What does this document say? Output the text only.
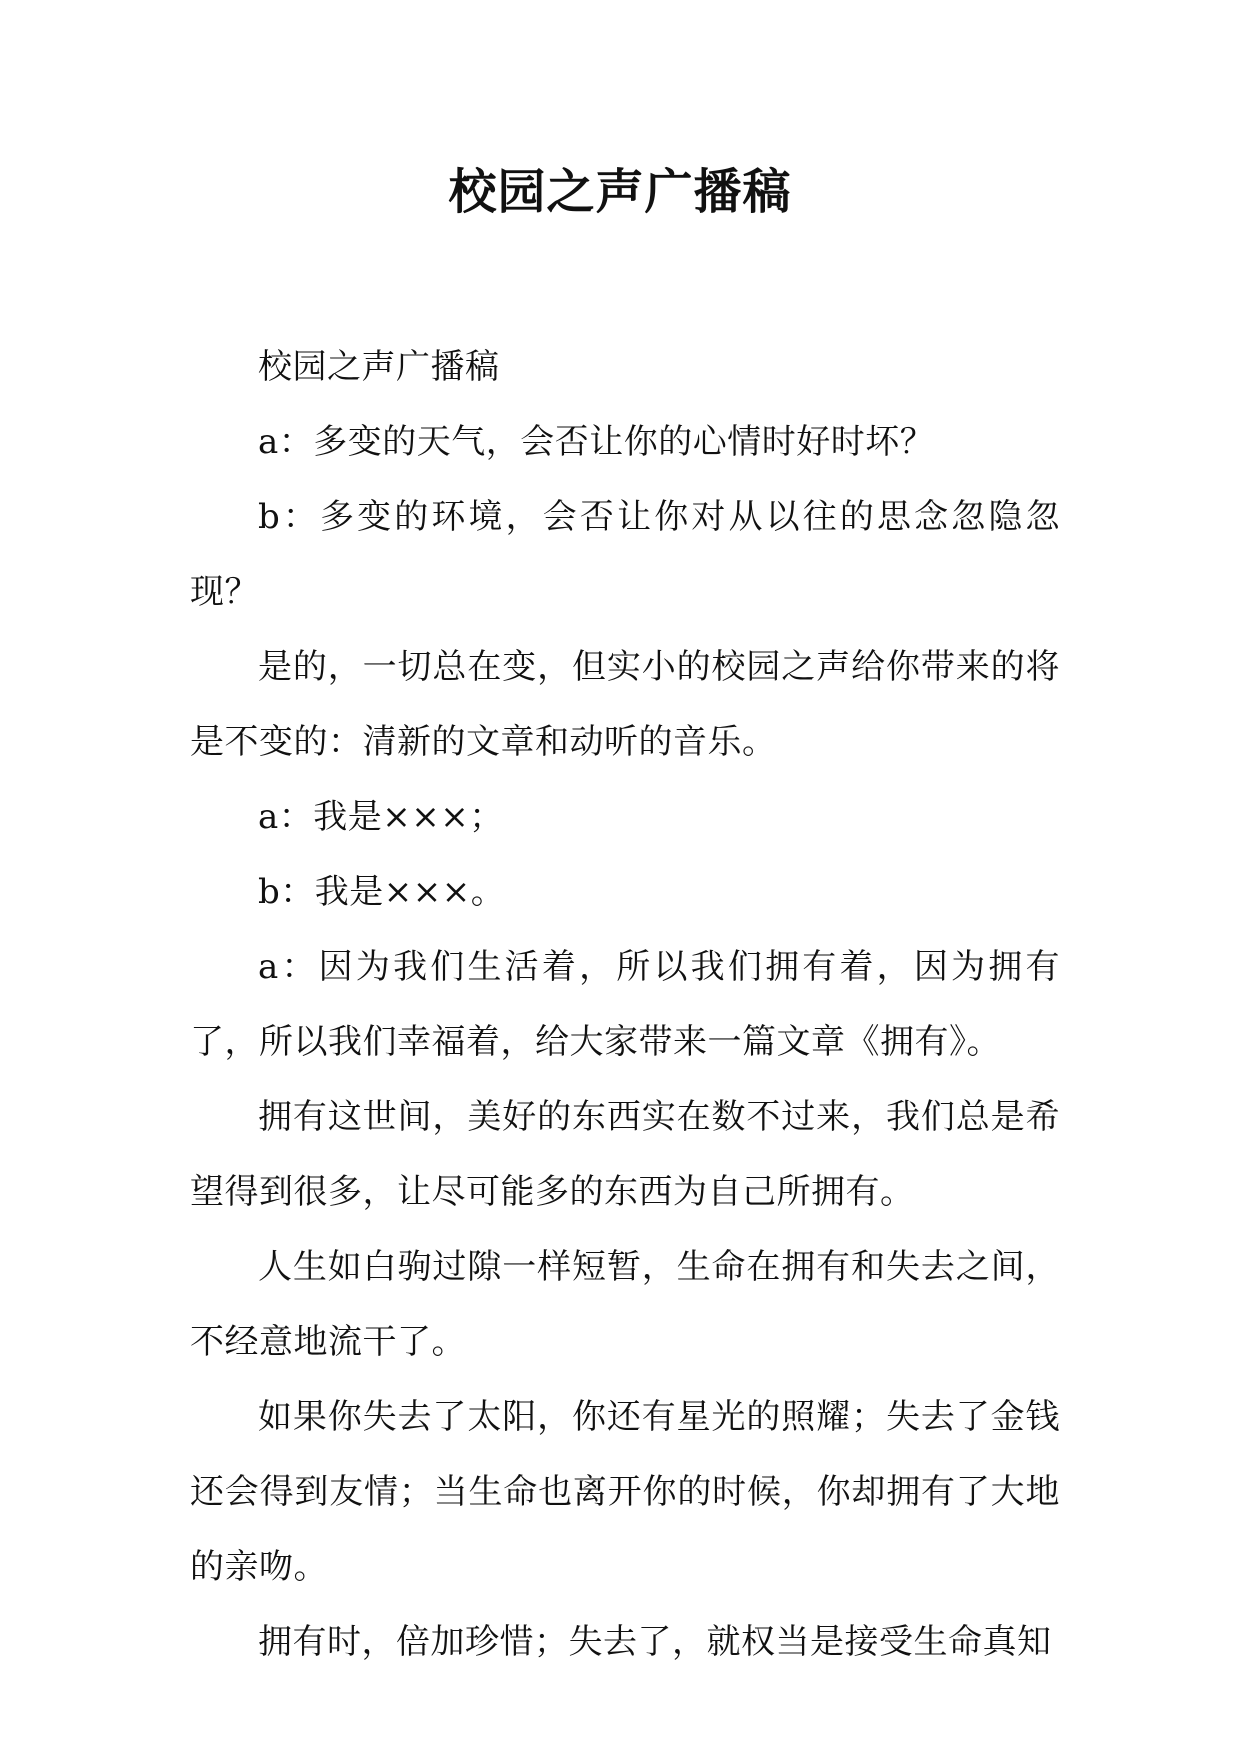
校园之声广播稿

校园之声广播稿

a：多变的天气，会否让你的心情时好时坏？

b：多变的环境，会否让你对从以往的思念忽隐忽现？

是的，一切总在变，但实小的校园之声给你带来的将是不变的：清新的文章和动听的音乐。

a：我是×××；

b：我是×××。

a：因为我们生活着，所以我们拥有着，因为拥有了，所以我们幸福着，给大家带来一篇文章《拥有》。

拥有这世间，美好的东西实在数不过来，我们总是希望得到很多，让尽可能多的东西为自己所拥有。

人生如白驹过隙一样短暂，生命在拥有和失去之间，不经意地流干了。

如果你失去了太阳，你还有星光的照耀；失去了金钱还会得到友情；当生命也离开你的时候，你却拥有了大地的亲吻。

拥有时，倍加珍惜；失去了，就权当是接受生命真知
